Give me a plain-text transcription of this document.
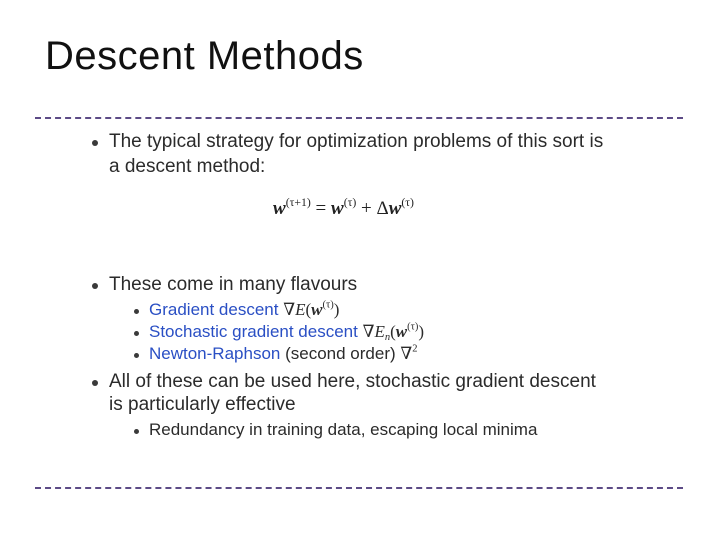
Descent Methods
The typical strategy for optimization problems of this sort is
a descent method:
$w^{(\tau+1)} = w^{(\tau)} + \Delta w^{(\tau)}$
These come in many flavours
Gradient descent $\nabla E(w^{(\tau)})$
Stochastic gradient descent $\nabla E_n(w^{(\tau)})$
Newton-Raphson (second order) ∇$^2$
All of these can be used here, stochastic gradient descent
is particularly effective
Redundancy in training data, escaping local minima
